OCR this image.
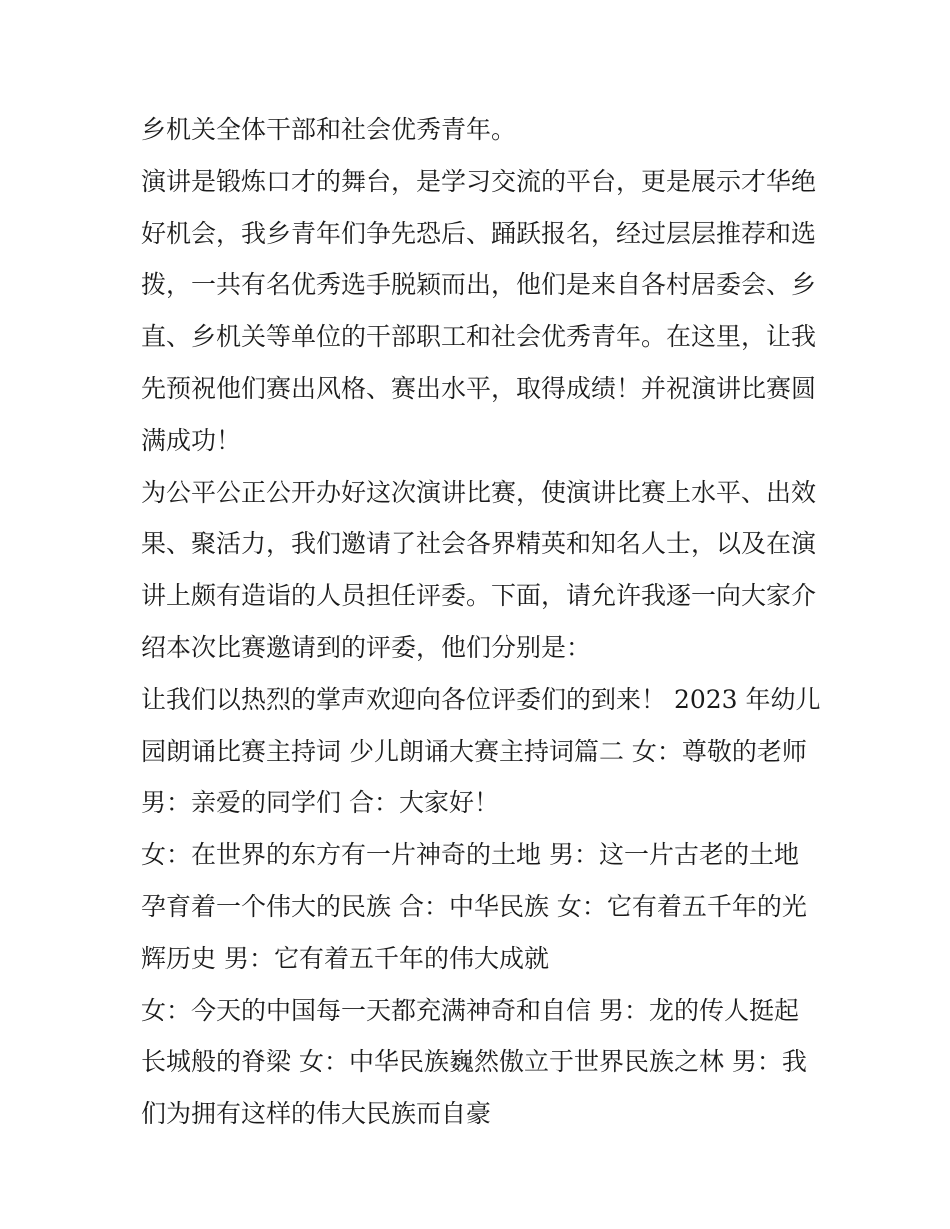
乡机关全体干部和社会优秀青年。

演讲是锻炼口才的舞台，是学习交流的平台，更是展示才华绝
好机会，我乡青年们争先恐后、踊跃报名，经过层层推荐和选
拨，一共有名优秀选手脱颖而出，他们是来自各村居委会、乡
直、乡机关等单位的干部职工和社会优秀青年。在这里，让我
先预祝他们赛出风格、赛出水平，取得成绩！并祝演讲比赛圆
满成功！

为公平公正公开办好这次演讲比赛，使演讲比赛上水平、出效
果、聚活力，我们邀请了社会各界精英和知名人士，以及在演
讲上颇有造诣的人员担任评委。下面，请允许我逐一向大家介
绍本次比赛邀请到的评委，他们分别是：

让我们以热烈的掌声欢迎向各位评委们的到来！ 2023 年幼儿
园朗诵比赛主持词 少儿朗诵大赛主持词篇二 女：尊敬的老师
男：亲爱的同学们 合：大家好！

女：在世界的东方有一片神奇的土地 男：这一片古老的土地
孕育着一个伟大的民族 合：中华民族 女：它有着五千年的光
辉历史 男：它有着五千年的伟大成就

女：今天的中国每一天都充满神奇和自信 男：龙的传人挺起
长城般的脊梁 女：中华民族巍然傲立于世界民族之林 男：我
们为拥有这样的伟大民族而自豪
